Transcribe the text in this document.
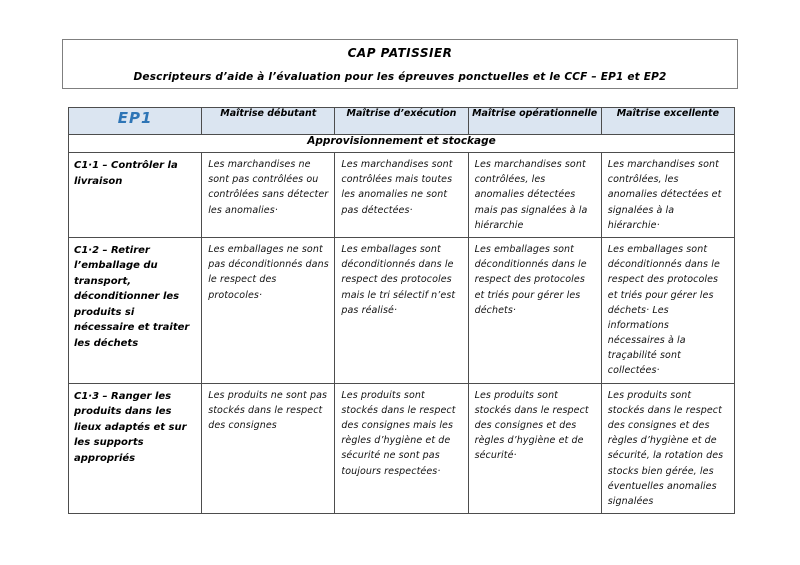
CAP PATISSIER
Descripteurs d’aide à l’évaluation pour les épreuves ponctuelles et le CCF – EP1 et EP2
EP1	Maîtrise débutant	Maîtrise d’exécution	Maîtrise opérationnelle	Maîtrise excellente
Approvisionnement et stockage				
C1·1 – Contrôler la livraison	Les marchandises ne sont pas contrôlées ou contrôlées sans détecter les anomalies·	Les marchandises sont contrôlées mais toutes les anomalies ne sont pas détectées·	Les marchandises sont contrôlées, les anomalies détectées mais pas signalées à la hiérarchie	Les marchandises sont contrôlées, les anomalies détectées et signalées à la hiérarchie·
C1·2 – Retirer l’emballage du transport, déconditionner les produits si nécessaire et traiter les déchets	Les emballages ne sont pas déconditionnés dans le respect des protocoles·	Les emballages sont déconditionnés dans le respect des protocoles mais le tri sélectif n’est pas réalisé·	Les emballages sont déconditionnés dans le respect des protocoles et triés pour gérer les déchets·	Les emballages sont déconditionnés dans le respect des protocoles et triés pour gérer les déchets· Les informations nécessaires à la traçabilité sont collectées·
C1·3 – Ranger les produits dans les lieux adaptés et sur les supports appropriés	Les produits ne sont pas stockés dans le respect des consignes	Les produits sont stockés dans le respect des consignes mais les règles d’hygiène et de sécurité ne sont pas toujours respectées·	Les produits sont stockés dans le respect des consignes et des règles d’hygiène et de sécurité·	Les produits sont stockés dans le respect des consignes et des règles d’hygiène et de sécurité, la rotation des stocks bien gérée, les éventuelles anomalies signalées
